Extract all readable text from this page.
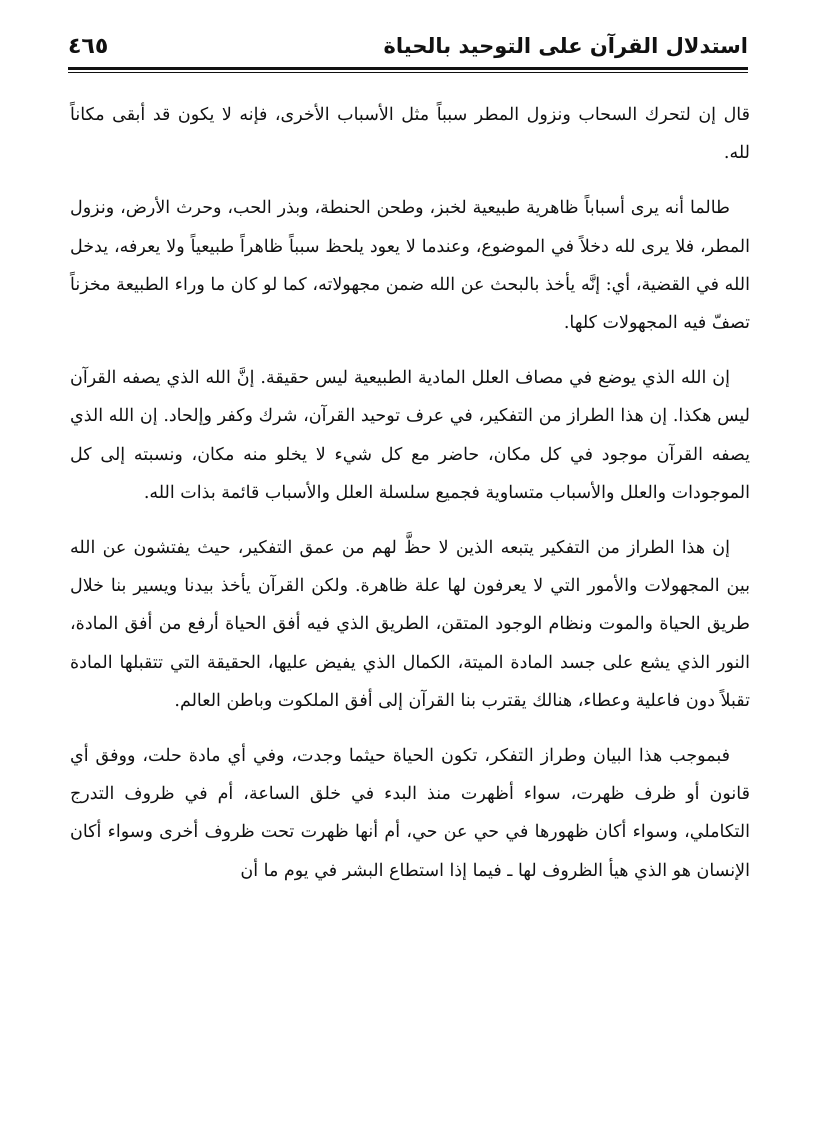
استدلال القرآن على التوحيد بالحياة
٤٦٥

قال إن لتحرك السحاب ونزول المطر سبباً مثل الأسباب الأخرى، فإنه لا يكون قد أبقى مكاناً لله.

طالما أنه يرى أسباباً ظاهرية طبيعية لخبز، وطحن الحنطة، وبذر الحب، وحرث الأرض، ونزول المطر، فلا يرى لله دخلاً في الموضوع، وعندما لا يعود يلحظ سبباً ظاهراً طبيعياً ولا يعرفه، يدخل الله في القضية، أي: إنَّه يأخذ بالبحث عن الله ضمن مجهولاته، كما لو كان ما وراء الطبيعة مخزناً تصفّ فيه المجهولات كلها.

إن الله الذي يوضع في مصاف العلل المادية الطبيعية ليس حقيقة. إنَّ الله الذي يصفه القرآن ليس هكذا. إن هذا الطراز من التفكير، في عرف توحيد القرآن، شرك وكفر وإلحاد. إن الله الذي يصفه القرآن موجود في كل مكان، حاضر مع كل شيء لا يخلو منه مكان، ونسبته إلى كل الموجودات والعلل والأسباب متساوية فجميع سلسلة العلل والأسباب قائمة بذات الله.

إن هذا الطراز من التفكير يتبعه الذين لا حظَّ لهم من عمق التفكير، حيث يفتشون عن الله بين المجهولات والأمور التي لا يعرفون لها علة ظاهرة. ولكن القرآن يأخذ بيدنا ويسير بنا خلال طريق الحياة والموت ونظام الوجود المتقن، الطريق الذي فيه أفق الحياة أرفع من أفق المادة، النور الذي يشع على جسد المادة الميتة، الكمال الذي يفيض عليها، الحقيقة التي تتقبلها المادة تقبلاً دون فاعلية وعطاء، هنالك يقترب بنا القرآن إلى أفق الملكوت وباطن العالم.

فبموجب هذا البيان وطراز التفكر، تكون الحياة حيثما وجدت، وفي أي مادة حلت، ووفق أي قانون أو ظرف ظهرت، سواء أظهرت منذ البدء في خلق الساعة، أم في ظروف التدرج التكاملي، وسواء أكان ظهورها في حي عن حي، أم أنها ظهرت تحت ظروف أخرى وسواء أكان الإنسان هو الذي هيأ الظروف لها ـ فيما إذا استطاع البشر في يوم ما أن
